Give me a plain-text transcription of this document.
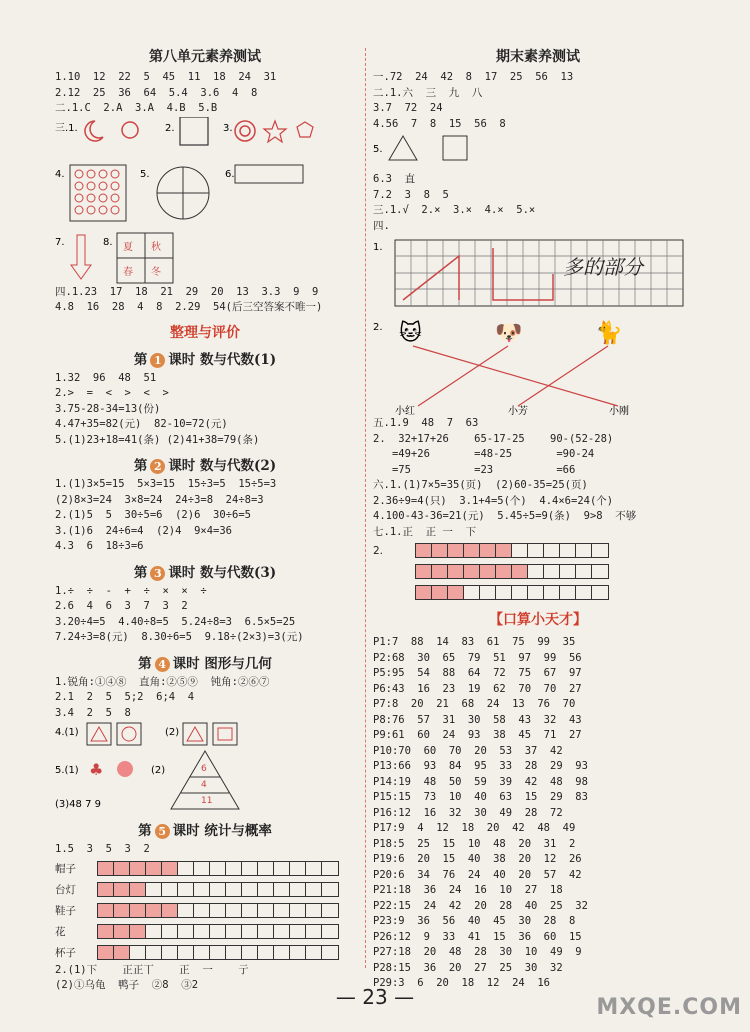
第八单元素养测试
1.10  12  22  5  45  11  18  24  31
2.12  25  36  64  5.4  3.6  4  8
二.1.C  2.A  3.A  4.B  5.B
三.1.	2.	3.
4.	5.	6.
7.	8. 夏 秋
春 冬
四.1.23  17  18  21  29  20  13  3.3  9  9
4.8  16  28  4  8  2.29  54(后三空答案不唯一)
整理与评价
第 1 课时 数与代数(1)
1.32  96  48  51
2.>  =  <  >  <  >
3.75-28-34=13(份)
4.47+35=82(元)  82-10=72(元)
5.(1)23+18=41(条) (2)41+38=79(条)
第 2 课时 数与代数(2)
1.(1)3×5=15  5×3=15  15÷3=5  15÷5=3
(2)8×3=24  3×8=24  24÷3=8  24÷8=3
2.(1)5  5  30÷5=6  (2)6  30÷6=5
3.(1)6  24÷6=4  (2)4  9×4=36
4.3  6  18÷3=6
第 3 课时 数与代数(3)
1.÷  ÷  -  +  ÷  ×  ×  ÷
2.6  4  6  3  7  3  2
3.20÷4=5  4.40÷8=5  5.24÷8=3  6.5×5=25
7.24÷3=8(元)  8.30÷6=5  9.18÷(2×3)=3(元)
第 4 课时 图形与几何
1.锐角:①④⑧  直角:②⑤⑨  钝角:②⑥⑦
2.1  2  5  5;2  6;4  4
3.4  2  5  8
4.(1)	(2)
5.(1) ♣	(2)	6
4
11
(3)48 7 9
第 5 课时 统计与概率
1.5  3  5  3  2
帽子
台灯
鞋子
花
杯子
2.(1)下    正正丅    正  一    亍
(2)①乌龟  鸭子  ②8  ③2
期末素养测试
一.72  24  42  8  17  25  56  13
二.1.六  三  九  八
3.7  72  24
4.56  7  8  15  56  8
5.
6.3  直
7.2  3  8  5
三.1.√  2.×  3.×  4.×  5.×
四.
多的部分
1.
2. 🐱	🐶	🐈
小红	小芳	小刚
五.1.9  48  7  63
2.  32+17+26    65-17-25    90-(52-28)
=49+26       =48-25       =90-24
=75          =23          =66
六.1.(1)7×5=35(页)  (2)60-35=25(页)
2.36÷9=4(只)  3.1+4=5(个)  4.4×6=24(个)
4.100-43-36=21(元)  5.45÷5=9(条)  9>8  不够
七.1.正  正 一  下
2.
【口算小天才】
P1:7  88  14  83  61  75  99  35
P2:68  30  65  79  51  97  99  56
P5:95  54  88  64  72  75  67  97
P6:43  16  23  19  62  70  70  27
P7:8  20  21  68  24  13  76  70
P8:76  57  31  30  58  43  32  43
P9:61  60  24  93  38  45  71  27
P10:70  60  70  20  53  37  42
P13:66  93  84  95  33  28  29  93
P14:19  48  50  59  39  42  48  98
P15:15  73  10  40  63  15  29  83
P16:12  16  32  30  49  28  72
P17:9  4  12  18  20  42  48  49
P18:5  25  15  10  48  20  31  2
P19:6  20  15  40  38  20  12  26
P20:6  34  76  24  40  20  57  42
P21:18  36  24  16  10  27  18
P22:15  24  42  20  28  40  25  32
P23:9  36  56  40  45  30  28  8
P26:12  9  33  41  15  36  60  15
P27:18  20  48  28  30  10  49  9
P28:15  36  20  27  25  30  32
P29:3  6  20  18  12  24  16
— 23 —	MXQE.COM
